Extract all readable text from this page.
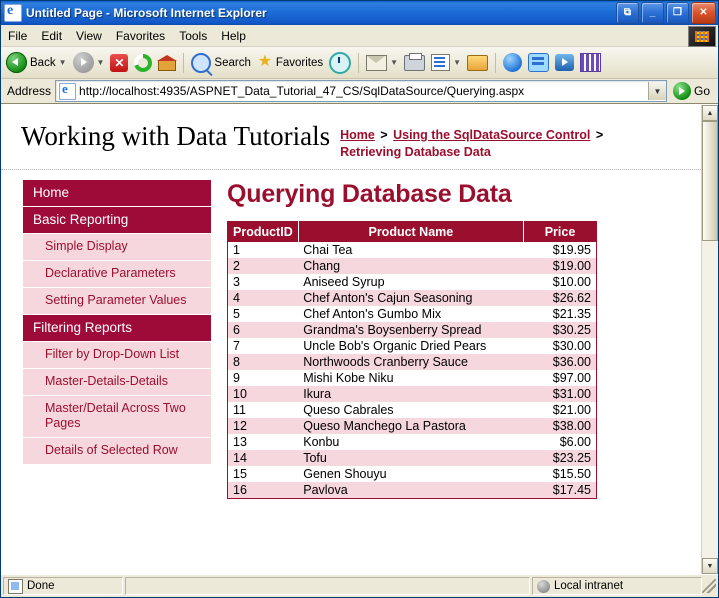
e
Untitled Page - Microsoft Internet Explorer	⧉ _ ❐ ✕
File	Edit	View	Favorites	Tools	Help
Back ▼	▼ ✕	Search ★ Favorites	▼	▼
Address e http://localhost:4935/ASPNET_Data_Tutorial_47_CS/SqlDataSource/Querying.aspx	▼	Go
Working with Data Tutorials Home > Using the SqlDataSource Control > Retrieving Database Data
Home
Basic Reporting
Simple Display
Declarative Parameters
Setting Parameter Values
Filtering Reports
Filter by Drop-Down List
Master-Details-Details
Master/Detail Across Two Pages
Details of Selected Row
Querying Database Data
ProductID	Product Name	Price
1	Chai Tea	$19.95
2	Chang	$19.00
3	Aniseed Syrup	$10.00
4	Chef Anton's Cajun Seasoning	$26.62
5	Chef Anton's Gumbo Mix	$21.35
6	Grandma's Boysenberry Spread	$30.25
7	Uncle Bob's Organic Dried Pears	$30.00
8	Northwoods Cranberry Sauce	$36.00
9	Mishi Kobe Niku	$97.00
10	Ikura	$31.00
11	Queso Cabrales	$21.00
12	Queso Manchego La Pastora	$38.00
13	Konbu	$6.00
14	Tofu	$23.25
15	Genen Shouyu	$15.50
16	Pavlova	$17.45
▲
▼
Done	Local intranet
